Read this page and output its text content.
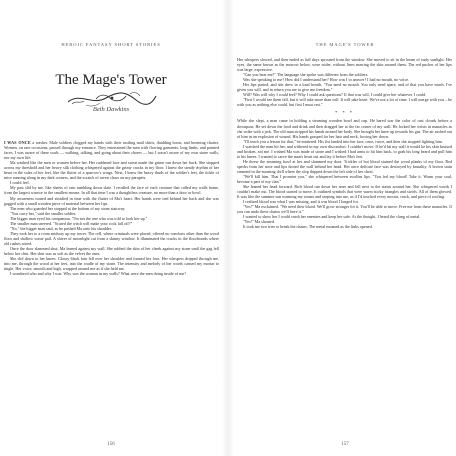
HEROIC FANTASY SHORT STORIES
The Mage's Tower
Beth Dawkins

I WAS ONCE a washer. Male soldiers clogged my hands with their rustling mail shirts, thudding boots, and booming chatter. Women, on rare occasions, passed through my entrance. They entertained the men with flowing garments, long limbs, and painted faces. I was aware of these souls — walking, talking, and going about their chores — but I wasn't aware of my own stone walls, nor my own life.

Ma washed like the men or women before her. Her ruddened face and sweat made the grime run down her back. She stopped across my threshold and her heavy silk clothing whispered against the grimy cracks in my floor. I knew the steady rhythm of her heart in the soles of her feet, like the flutter of a sparrow's wings. Next, I knew the heavy thuds of the soldier's feet, the tickle of mice running along in my dark corners, and the scratch of raven claws on my parapets.

I could feel.

My past slid by me, like sheets of rain tumbling down slate. I recalled the face of each creature that called my walls home, from the largest warrior to the smallest mouse. In all that time I was a thoughtless creature, no more than a door or bowl.

My awareness turned and steadied in time with the flutter of Ma's heart. Her hands were tied behind her back and she was gagged with a small wooden piece of material between her lips.

The men who guarded her stopped at the bottom of my stone stairway.

"You carry her," said the smaller soldier.

The bigger man eyed his companion. "I'm not the one who was told to look her up."

The smaller man sneered. "Scared the witch will make your cock fall off?"

"No," the bigger man said, as he pushed Ma onto his shoulder.

They took her to a room midway up my tower. The cell, where criminals were placed, offered no comforts other than the wood floor and shallow waste pail. A shiver of moonlight cut from a skinny window. It illuminated the cracks in the floorboards where old rushes rotted.

Once the door slammed shut, Ma leaned against my wall. She rubbed the skin of her cheek against my stone until the gag fell below her chin. Her skin was as soft as the velvet the ones.

She slid down to her knees. Glossy black hair fell over her shoulder and framed her face. Her whispers dripped through me, into me, through the wood at her feet, into the cradle of my stone. The intensity and melody of her words caused my mortar to tingle. Her voice, smooth and high, wrapped around me as if she held me.

I wondered who and why I was. Why was the woman in my walls? What were the men doing inside of me?

156
THE MAGE'S TOWER

Her whispers slowed, and then ended as full days sprouted from the window. She moved to sit in the beam of early sunlight. Her eyes, the same brown as the morrow below, were wider, without lines marring the skin around them. The red pucker of her lips was large, expressive.

"Can you hear me?" The language she spoke was different from the soldiers.

Was she speaking to me? How did I understand her? How was I to answer? I had no mouth, no voice.

Her lips parted, and she drew in a loud breath. "You need no mouth. You only need spare, and of that you have much. I've given you will, and in return you are to give me freedom."

Will? Was will why I could feel? Why I could ask questions? If that was will, I could give her whatever I could.

"First I would see them fall, but it will take more than will. It will take heart. We've not a lot of time. I will merge with you – be with you as nothing else could, but first I must rest."

* * *

While she slept, a man came in holding a steaming wooden bowl and cup. He bared war the color of rust clouds before a downpour. He set down the food and drink and then dragged her to the far corner of my wall. He locked her wrists in manacles as she woke with a jerk. The old man stripped his hands around her body. She brought her knee up towards his gut. The air rushed out of him in an explosion of wound. His hands grasped for her hair and neck, forcing her down.

"I'll teach you a lesson for that," he muttered. His fist landed into her face, once, twice, and then she stopped fighting him.

I watched the man hit her, and withered in my own discomfort. I couldn't move. If he'd hit my wall it would be his skin bruised and broken, not me. I wished Ma was made of stone and I wished I had arms to hit him back, to grab his long beard and pull him to his knees. I wanted to carve the man's heart out and lay it before Ma's feet.

He threw the steaming bowl at her and slammed my door. Trickles of hot blood stained the wood planks of my floor. Red specks from her nose and lips dotted the wall behind her head. Her once delicate face was destroyed by brutality. A brown stain steamed in the morning chill where the slop dripped down the left side of her chest.

"We'll kill him. That I promise you," she whispered between swollen lips. "You fed my blood! Take it. Warm your soul, become a part of my clan."

She leaned her head forward. Rich blood ran down her nose and fell next to the stains around her. She whispered words I couldn't make out. The blood started to move. It outlined symbols that were warm sticky triangles and swirls. All of them glowed. It was like the summer sun warming my stones and seeping into me, as if I'd touched every mortar, crack, and piece of roofing.

I realized blood was what I was missing, and it was blood I longed for.

"Yes!" Ma exclaimed. "We need their blood. We'll grow stronger for it. You'll be able to move. Free me from these manacles. If you can undo these chains we'll have it."

I wanted to show her I could crush her enemies and keep her safe. At the thought, I heard the clang of metal.

"Yes!" Ma shouted.

It took me two tries to break the chains. The metal moaned as the links opened.

157
